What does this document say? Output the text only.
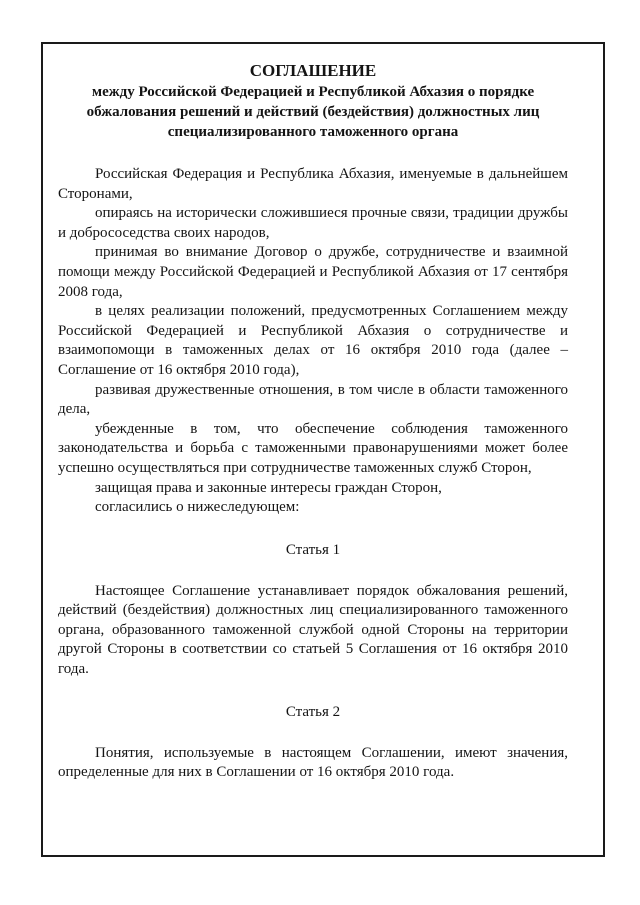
СОГЛАШЕНИЕ

между Российской Федерацией и Республикой Абхазия о порядке обжалования решений и действий (бездействия) должностных лиц специализированного таможенного органа

Российская Федерация и Республика Абхазия, именуемые в дальнейшем Сторонами,

опираясь на исторически сложившиеся прочные связи, традиции дружбы и добрососедства своих народов,

принимая во внимание Договор о дружбе, сотрудничестве и взаимной помощи между Российской Федерацией и Республикой Абхазия от 17 сентября 2008 года,

в целях реализации положений, предусмотренных Соглашением между Российской Федерацией и Республикой Абхазия о сотрудничестве и взаимопомощи в таможенных делах от 16 октября 2010 года (далее – Соглашение от 16 октября 2010 года),

развивая дружественные отношения, в том числе в области таможенного дела,

убежденные в том, что обеспечение соблюдения таможенного законодательства и борьба с таможенными правонарушениями может более успешно осуществляться при сотрудничестве таможенных служб Сторон,

защищая права и законные интересы граждан Сторон,

согласились о нижеследующем:

Статья 1

Настоящее Соглашение устанавливает порядок обжалования решений, действий (бездействия) должностных лиц специализированного таможенного органа, образованного таможенной службой одной Стороны на территории другой Стороны в соответствии со статьей 5 Соглашения от 16 октября 2010 года.

Статья 2

Понятия, используемые в настоящем Соглашении, имеют значения, определенные для них в Соглашении от 16 октября 2010 года.
